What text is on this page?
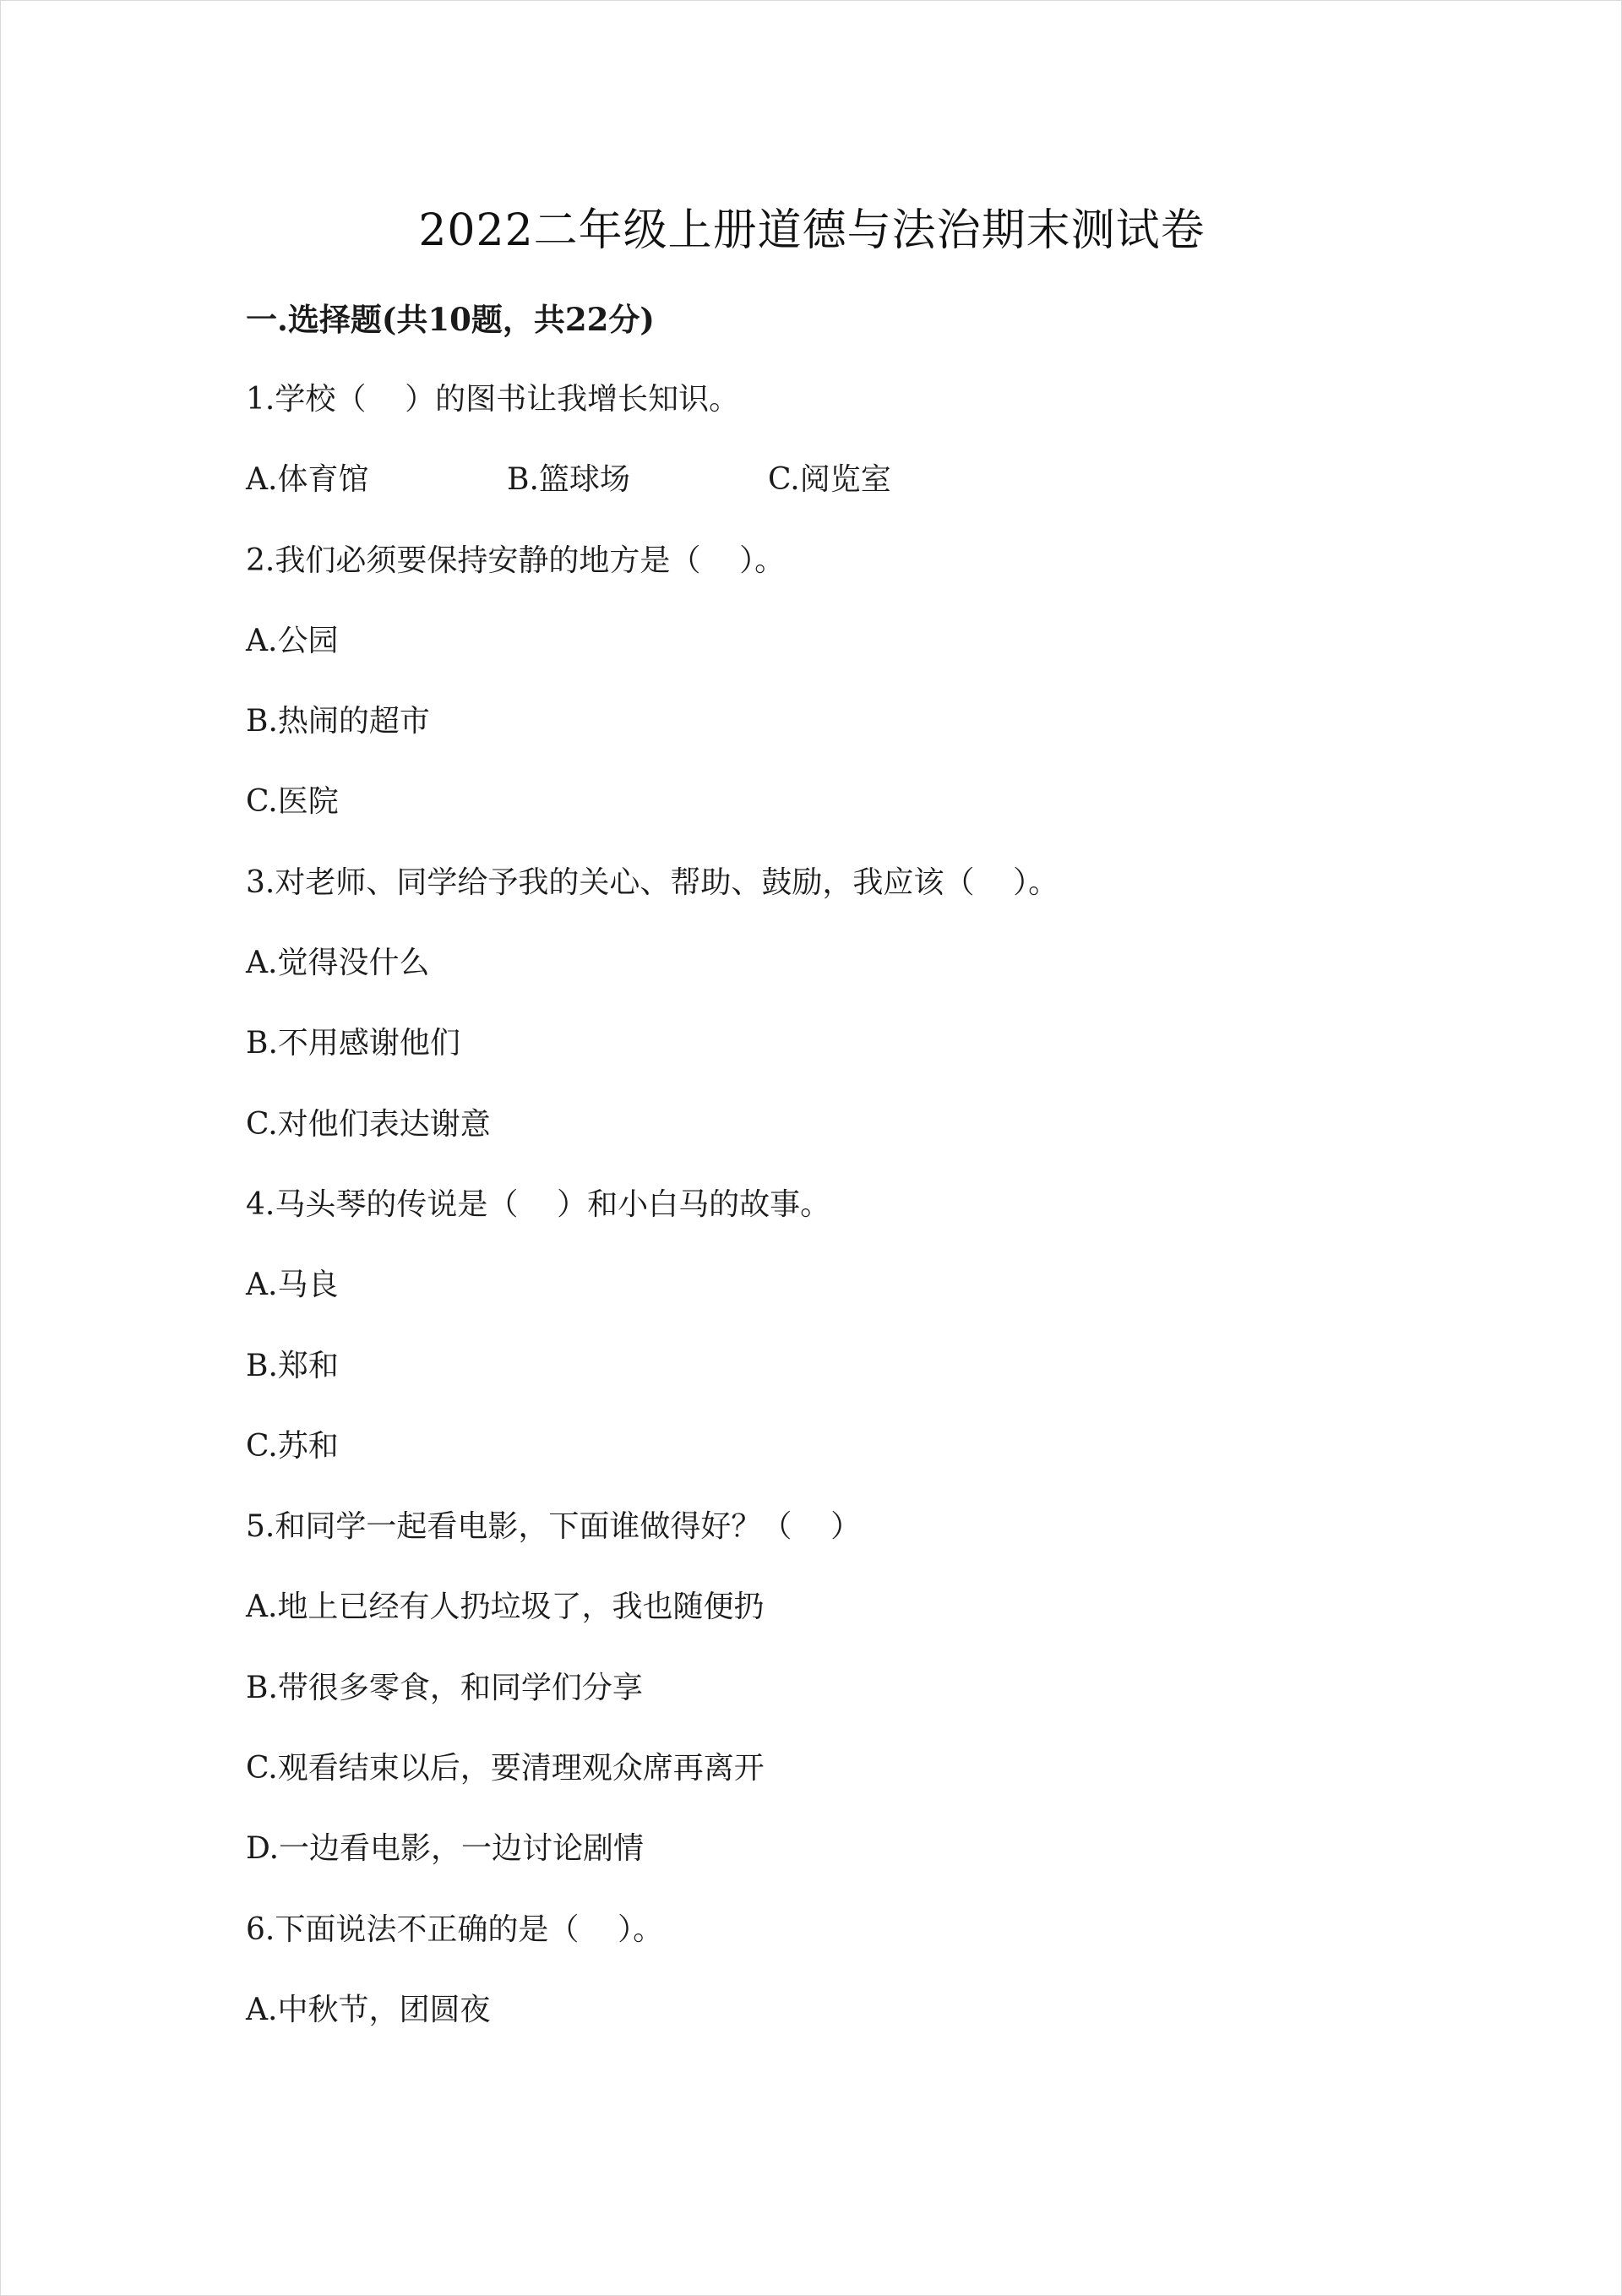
2022二年级上册道德与法治期末测试卷
一.选择题(共10题，共22分)
1.学校（    ）的图书让我增长知识。
A.体育馆	B.篮球场	C.阅览室
2.我们必须要保持安静的地方是（    ）。
A.公园
B.热闹的超市
C.医院
3.对老师、同学给予我的关心、帮助、鼓励，我应该（    ）。
A.觉得没什么
B.不用感谢他们
C.对他们表达谢意
4.马头琴的传说是（    ）和小白马的故事。
A.马良
B.郑和
C.苏和
5.和同学一起看电影，下面谁做得好？（    ）
A.地上已经有人扔垃圾了，我也随便扔
B.带很多零食，和同学们分享
C.观看结束以后，要清理观众席再离开
D.一边看电影，一边讨论剧情
6.下面说法不正确的是（    ）。
A.中秋节，团圆夜
